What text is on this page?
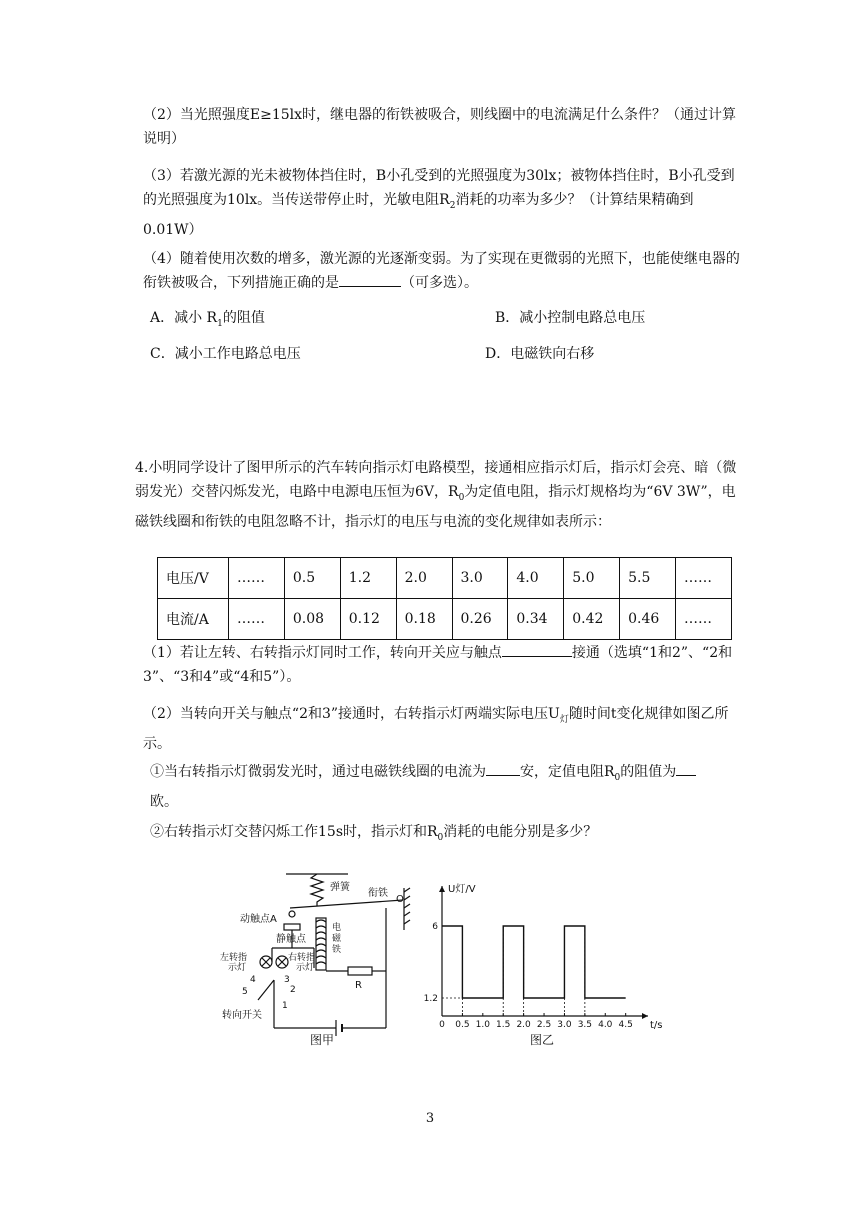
（2）当光照强度E≥15lx时，继电器的衔铁被吸合，则线圈中的电流满足什么条件？（通过计算说明）

（3）若激光源的光未被物体挡住时，B小孔受到的光照强度为30lx；被物体挡住时，B小孔受到的光照强度为10lx。当传送带停止时，光敏电阻$R_2$消耗的功率为多少？（计算结果精确到0.01W）

（4）随着使用次数的增多，激光源的光逐渐变弱。为了实现在更微弱的光照下，也能使继电器的衔铁被吸合，下列措施正确的是	（可多选）。

A．减小 $R_1$的阻值	B．减小控制电路总电压
C．减小工作电路总电压	D．电磁铁向右移

4.小明同学设计了图甲所示的汽车转向指示灯电路模型，接通相应指示灯后，指示灯会亮、暗（微弱发光）交替闪烁发光，电路中电源电压恒为6V，$R_0$为定值电阻，指示灯规格均为“6V 3W”，电磁铁线圈和衔铁的电阻忽略不计，指示灯的电压与电流的变化规律如表所示：

电压/V	……	0.5	1.2	2.0	3.0	4.0	5.0	5.5	……
电流/A	……	0.08	0.12	0.18	0.26	0.34	0.42	0.46	……

（1）若让左转、右转指示灯同时工作，转向开关应与触点	接通（选填“1和2”、“2和3”、“3和4”或“4和5”）。

（2）当转向开关与触点“2和3”接通时，右转指示灯两端实际电压$U_灯$随时间t变化规律如图乙所示。

①当右转指示灯微弱发光时，通过电磁铁线圈的电流为 安，定值电阻$R_0$的阻值为
欧。

②右转指示灯交替闪烁工作15s时，指示灯和$R_0$消耗的电能分别是多少？

弹簧
衔铁
动触点A
静触点
电磁铁
R
O
左转指示灯
右转指示灯
4
5
3
2
1
转向开关
图甲
0 0.5 1.0 1.5 2.0 2.5 3.0 3.5 4.0 4.5
1.2
6
U灯/V
t/s
图乙
3
